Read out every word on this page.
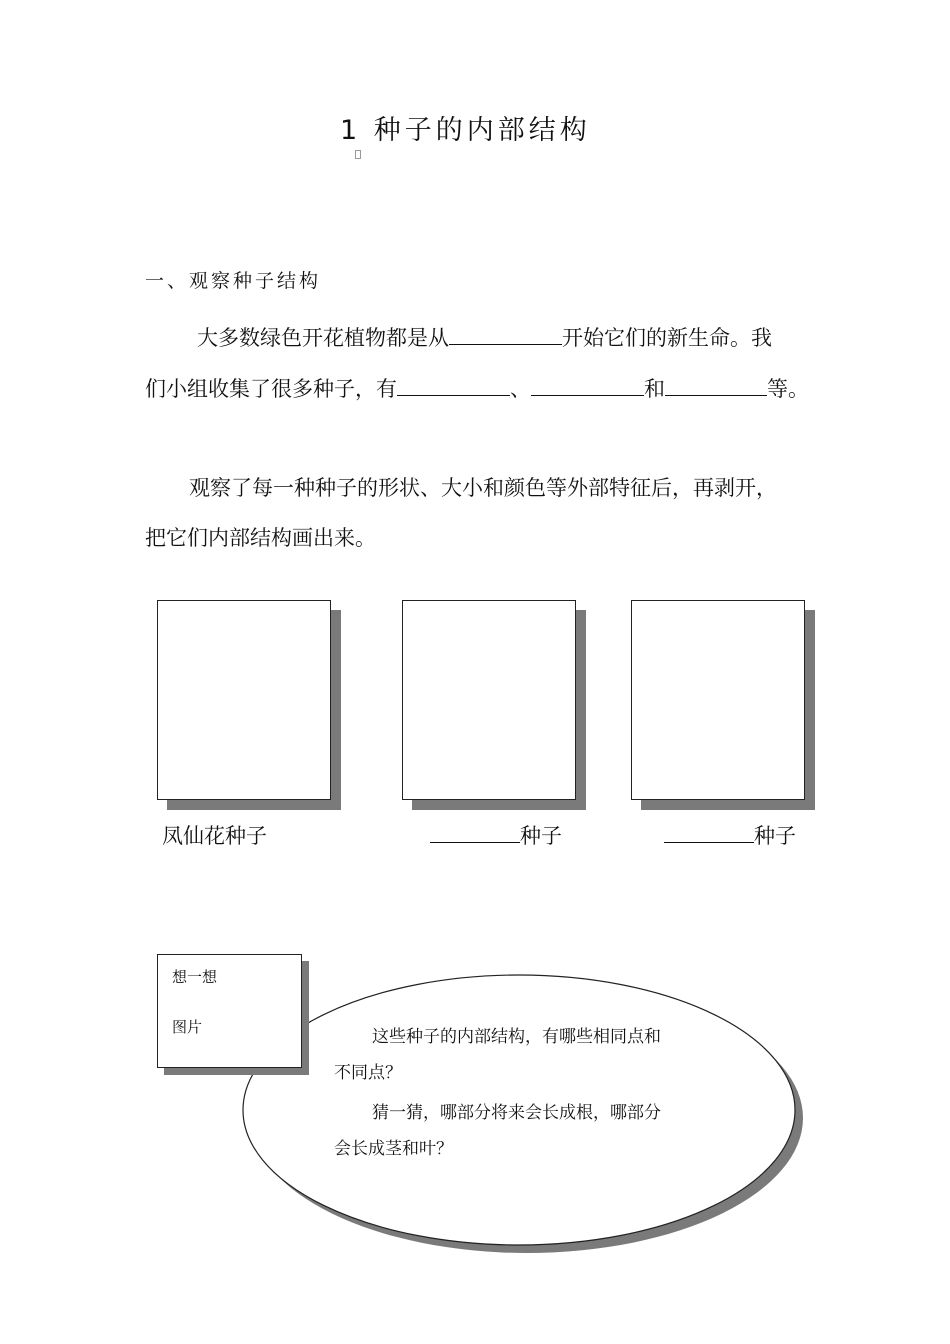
1 种子的内部结构
一、观察种子结构
大多数绿色开花植物都是从	开始它们的新生命。我
们小组收集了很多种子，有	、	和	等。
观察了每一种种子的形状、大小和颜色等外部特征后，再剥开，
把它们内部结构画出来。
凤仙花种子	种子	种子
想一想
图片	这些种子的内部结构，有哪些相同点和
不同点？
猜一猜，哪部分将来会长成根，哪部分
会长成茎和叶？
